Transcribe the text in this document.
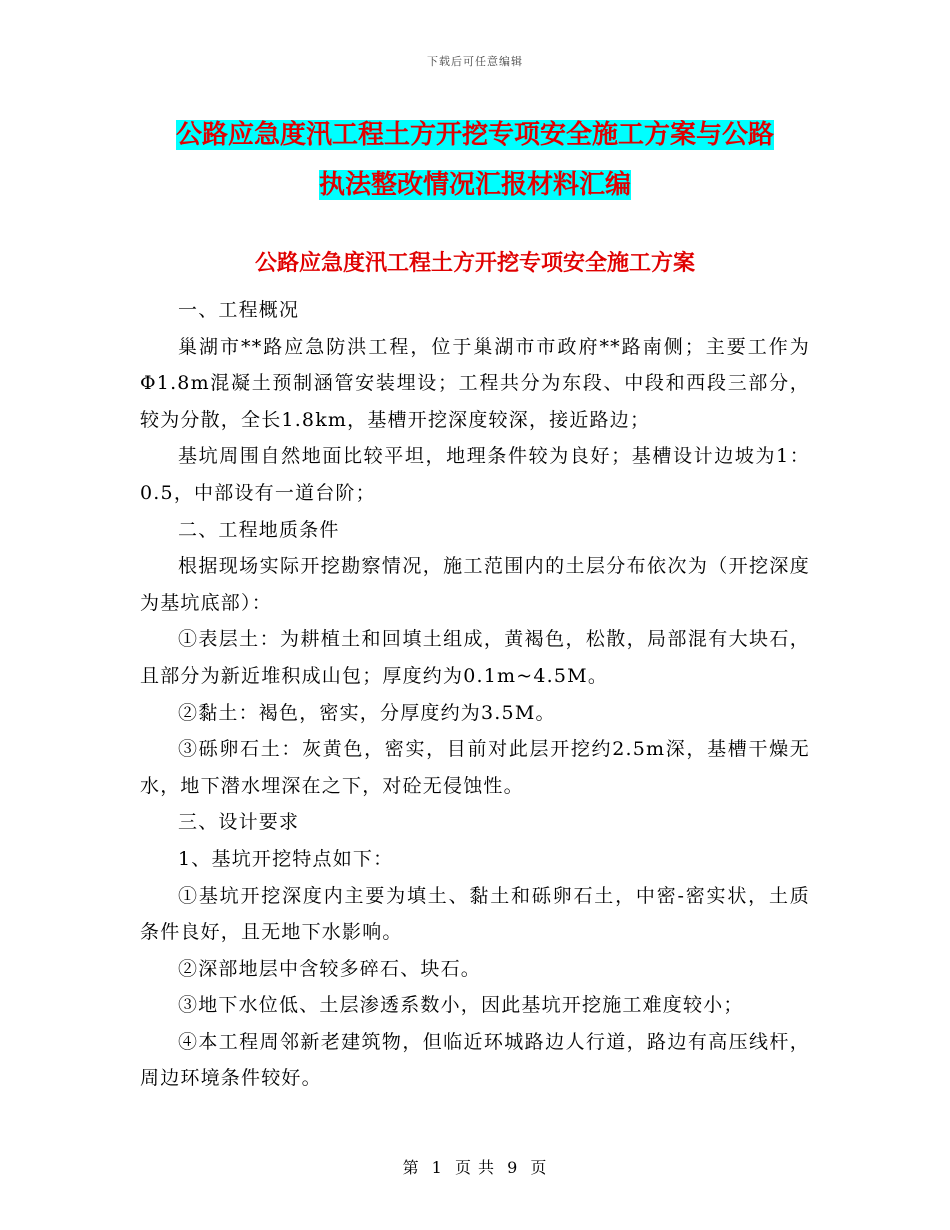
下载后可任意编辑
公路应急度汛工程土方开挖专项安全施工方案与公路
执法整改情况汇报材料汇编
公路应急度汛工程土方开挖专项安全施工方案

一、工程概况

巢湖市**路应急防洪工程，位于巢湖市市政府**路南侧；主要工作为 Φ1.8m混凝土预制涵管安装埋设；工程共分为东段、中段和西段三部分，较为分散，全长1.8km，基槽开挖深度较深，接近路边；

基坑周围自然地面比较平坦，地理条件较为良好；基槽设计边坡为1：0.5，中部设有一道台阶；

二、工程地质条件

根据现场实际开挖勘察情况，施工范围内的土层分布依次为（开挖深度为基坑底部）：

①表层土：为耕植土和回填土组成，黄褐色，松散，局部混有大块石，且部分为新近堆积成山包；厚度约为0.1m~4.5M。

②黏土：褐色，密实，分厚度约为3.5M。

③砾卵石土：灰黄色，密实，目前对此层开挖约2.5m深，基槽干燥无水，地下潜水埋深在之下，对砼无侵蚀性。

三、设计要求

1、基坑开挖特点如下：

①基坑开挖深度内主要为填土、黏土和砾卵石土，中密-密实状，土质条件良好，且无地下水影响。

②深部地层中含较多碎石、块石。

③地下水位低、土层渗透系数小，因此基坑开挖施工难度较小；

④本工程周邻新老建筑物，但临近环城路边人行道，路边有高压线杆，周边环境条件较好。

第 1 页 共 9 页
